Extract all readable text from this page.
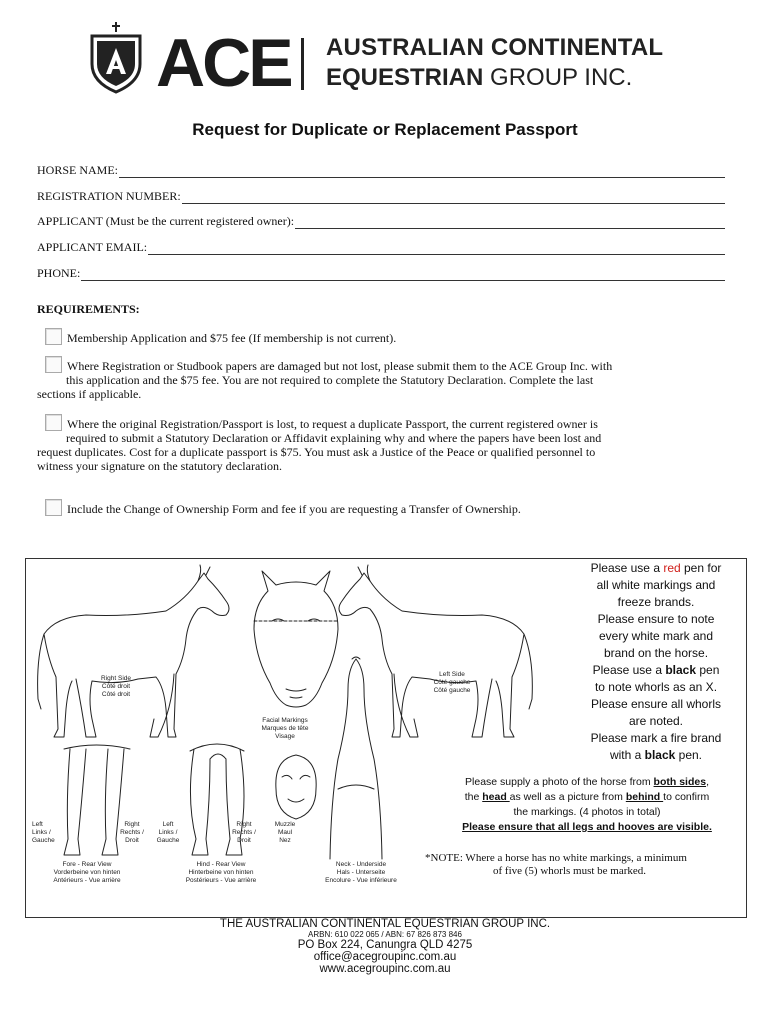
ACE AUSTRALIAN CONTINENTAL
EQUESTRIAN GROUP INC.
Request for Duplicate or Replacement Passport
HORSE NAME:
REGISTRATION NUMBER:
APPLICANT (Must be the current registered owner):
APPLICANT EMAIL:
PHONE:
REQUIREMENTS:
Membership Application and $75 fee (If membership is not current).
Where Registration or Studbook papers are damaged but not lost, please submit them to the ACE Group Inc. with
this application and the $75 fee. You are not required to complete the Statutory Declaration. Complete the last
sections if applicable.
Where the original Registration/Passport is lost, to request a duplicate Passport, the current registered owner is
required to submit a Statutory Declaration or Affidavit explaining why and where the papers have been lost and
request duplicates. Cost for a duplicate passport is $75. You must ask a Justice of the Peace or qualified personnel to
witness your signature on the statutory declaration.
Include the Change of Ownership Form and fee if you are requesting a Transfer of Ownership.
Right Side
Côté droit
Côté droit
Left Side
Côté gauche
Côté gauche
Facial Markings
Marques de tête
Visage
Left
Links /
Gauche
Right
Rechts /
Droit
Left
Links /
Gauche
Right
Rechts /
Droit
Muzzle
Maul
Nez
Fore - Rear View
Vorderbeine von hinten
Antérieurs - Vue arrière
Hind - Rear View
Hinterbeine von hinten
Postérieurs - Vue arrière
Neck - Underside
Hals - Unterseite
Encolure - Vue inférieure
Please use a red pen for
all white markings and
freeze brands.
Please ensure to note
every white mark and
brand on the horse.
Please use a black pen
to note whorls as an X.
Please ensure all whorls
are noted.
Please mark a fire brand
with a black pen.
Please supply a photo of the horse from both sides,
the head as well as a picture from behind to confirm
the markings. (4 photos in total)
Please ensure that all legs and hooves are visible.
*NOTE: Where a horse has no white markings, a minimum
of five (5) whorls must be marked.
THE AUSTRALIAN CONTINENTAL EQUESTRIAN GROUP INC.
ARBN: 610 022 065 / ABN: 67 826 873 846
PO Box 224, Canungra QLD 4275
office@acegroupinc.com.au
www.acegroupinc.com.au
